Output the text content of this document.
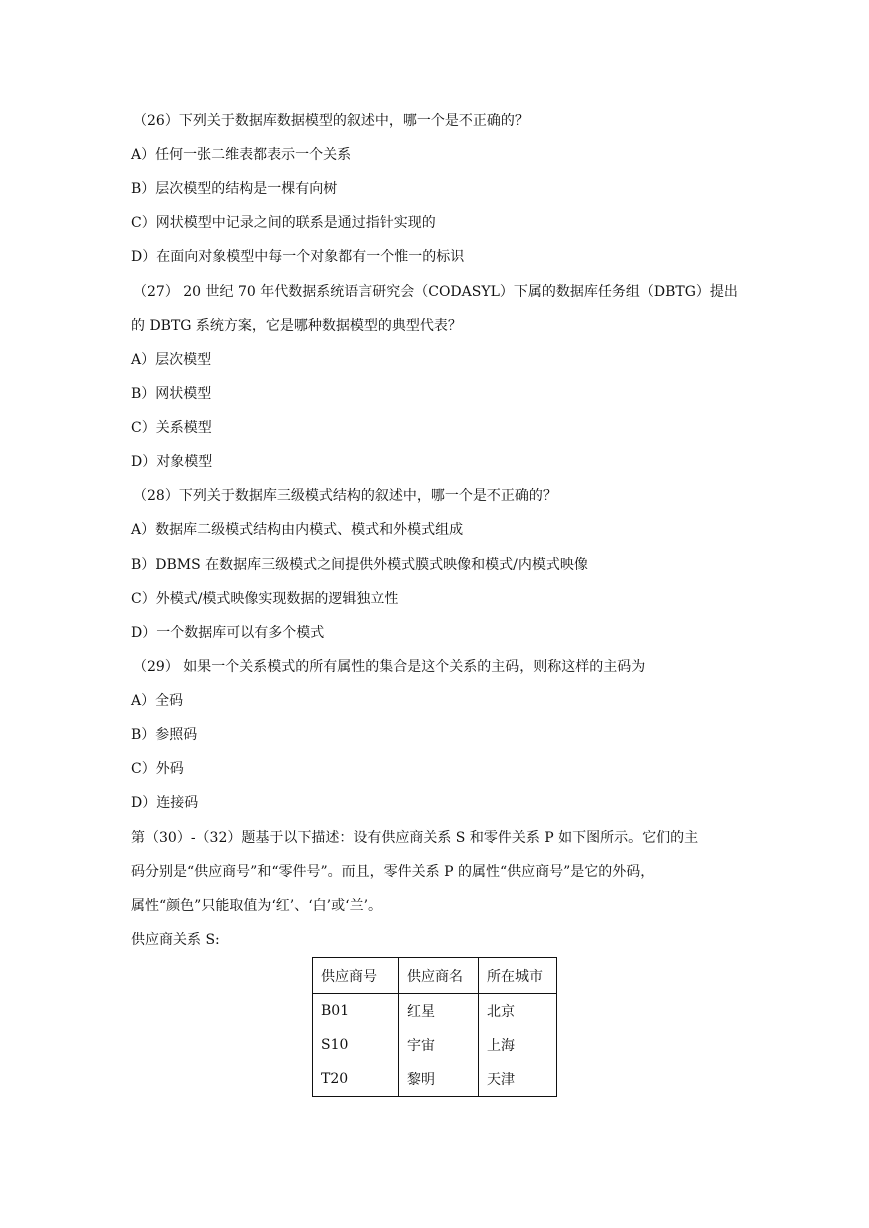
（26）下列关于数据库数据模型的叙述中，哪一个是不正确的？
A）任何一张二维表都表示一个关系
B）层次模型的结构是一棵有向树
C）网状模型中记录之间的联系是通过指针实现的
D）在面向对象模型中每一个对象都有一个惟一的标识
（27） 20 世纪 70 年代数据系统语言研究会（CODASYL）下属的数据库任务组（DBTG）提出
的 DBTG 系统方案，它是哪种数据模型的典型代表？
A）层次模型
B）网状模型
C）关系模型
D）对象模型
（28）下列关于数据库三级模式结构的叙述中，哪一个是不正确的？
A）数据库二级模式结构由内模式、模式和外模式组成
B）DBMS 在数据库三级模式之间提供外模式膜式映像和模式/内模式映像
C）外模式/模式映像实现数据的逻辑独立性
D）一个数据库可以有多个模式
（29） 如果一个关系模式的所有属性的集合是这个关系的主码，则称这样的主码为
A）全码
B）参照码
C）外码
D）连接码
第（30）-（32）题基于以下描述：设有供应商关系 S 和零件关系 P 如下图所示。它们的主
码分别是“供应商号”和“零件号”。而且，零件关系 P 的属性“供应商号”是它的外码，
属性“颜色”只能取值为‘红’、‘白’或‘兰’。
供应商关系 S:
供应商号	供应商名	所在城市
B01	红星	北京
S10	宇宙	上海
T20	黎明	天津
